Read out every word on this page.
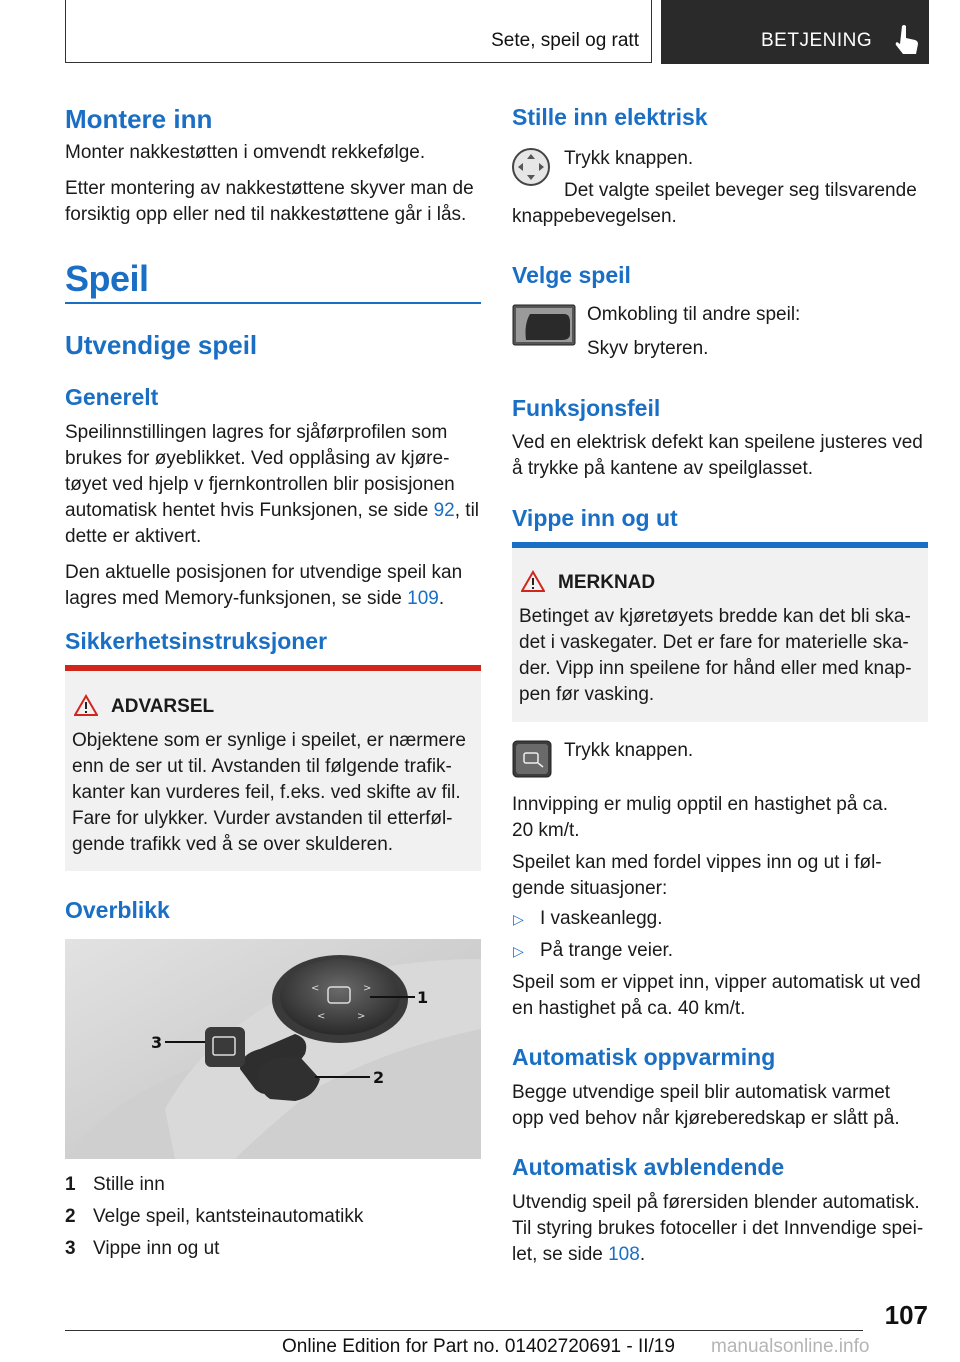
Sete, speil og ratt	BETJENING
Montere inn

Monter nakkestøtten i omvendt rekkefølge.

Etter montering av nakkestøttene skyver man de

forsiktig opp eller ned til nakkestøttene går i lås.

Speil
Utvendige speil
Generelt

Speilinnstillingen lagres for sjåførprofilen som

brukes for øyeblikket. Ved opplåsing av kjøre-

tøyet ved hjelp v fjernkontrollen blir posisjonen

automatisk hentet hvis Funksjonen, se side 92, til

dette er aktivert.

Den aktuelle posisjonen for utvendige speil kan

lagres med Memory-funksjonen, se side 109.

Sikkerhetsinstruksjoner
ADVARSEL

Objektene som er synlige i speilet, er nærmere

enn de ser ut til. Avstanden til følgende trafik-

kanter kan vurderes feil, f.eks. ved skifte av fil.

Fare for ulykker. Vurder avstanden til etterføl-

gende trafikk ved å se over skulderen.

Overblikk
<	>
<	>
1
2
3
1 Stille inn
2 Velge speil, kantsteinautomatikk
3 Vippe inn og ut
Stille inn elektrisk

Trykk knappen.

Det valgte speilet beveger seg tilsvarende

knappebevegelsen.

Velge speil

Omkobling til andre speil:

Skyv bryteren.

Funksjonsfeil

Ved en elektrisk defekt kan speilene justeres ved

å trykke på kantene av speilglasset.

Vippe inn og ut
MERKNAD

Betinget av kjøretøyets bredde kan det bli ska-

det i vaskegater. Det er fare for materielle ska-

der. Vipp inn speilene for hånd eller med knap-

pen før vasking.

Trykk knappen.

Innvipping er mulig opptil en hastighet på ca.

20 km/t.

Speilet kan med fordel vippes inn og ut i føl-

gende situasjoner:

▷ I vaskeanlegg.

▷ På trange veier.

Speil som er vippet inn, vipper automatisk ut ved

en hastighet på ca. 40 km/t.

Automatisk oppvarming

Begge utvendige speil blir automatisk varmet

opp ved behov når kjøreberedskap er slått på.

Automatisk avblendende

Utvendig speil på førersiden blender automatisk.

Til styring brukes fotoceller i det Innvendige spei-

let, se side 108.

107
Online Edition for Part no. 01402720691 - II/19 manualsonline.info
